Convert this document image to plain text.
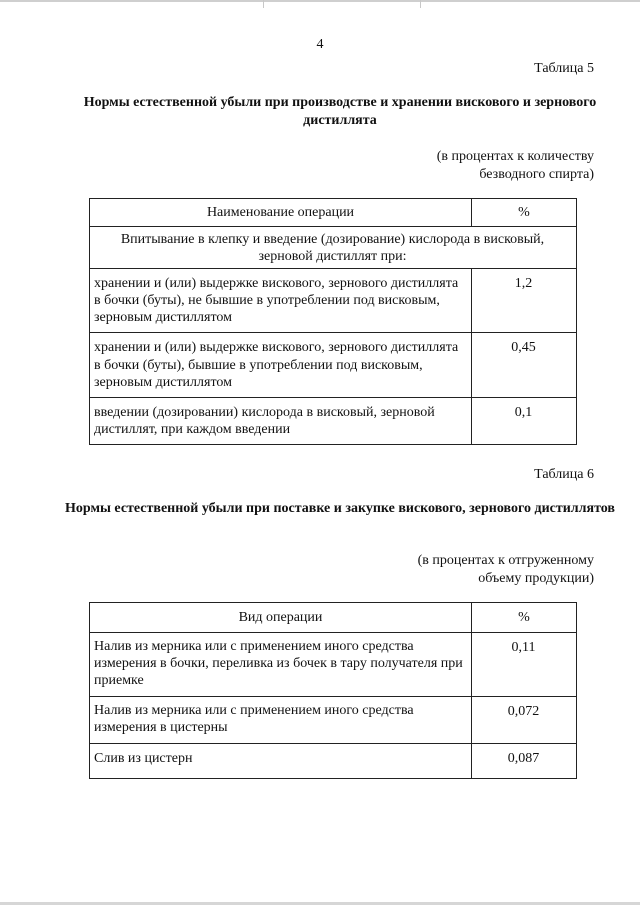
4
Таблица 5
Нормы естественной убыли при производстве и хранении вискового и зернового дистиллята
(в процентах к количеству
безводного спирта)
Наименование операции	%
Впитывание в клепку и введение (дозирование) кислорода в висковый, зерновой дистиллят при:	
хранении и (или) выдержке вискового, зернового дистиллята в бочки (буты), не бывшие в употреблении под висковым, зерновым дистиллятом	1,2
хранении и (или) выдержке вискового, зернового дистиллята в бочки (буты), бывшие в употреблении под висковым, зерновым дистиллятом	0,45
введении (дозировании) кислорода в висковый, зерновой дистиллят, при каждом введении	0,1
Таблица 6
Нормы естественной убыли при поставке и закупке вискового, зернового дистиллятов
(в процентах к отгруженному
объему продукции)
Вид операции	%
Налив из мерника или с применением иного средства измерения в бочки, переливка из бочек в тару получателя при приемке	0,11
Налив из мерника или с применением иного средства измерения в цистерны	0,072
Слив из цистерн	0,087
